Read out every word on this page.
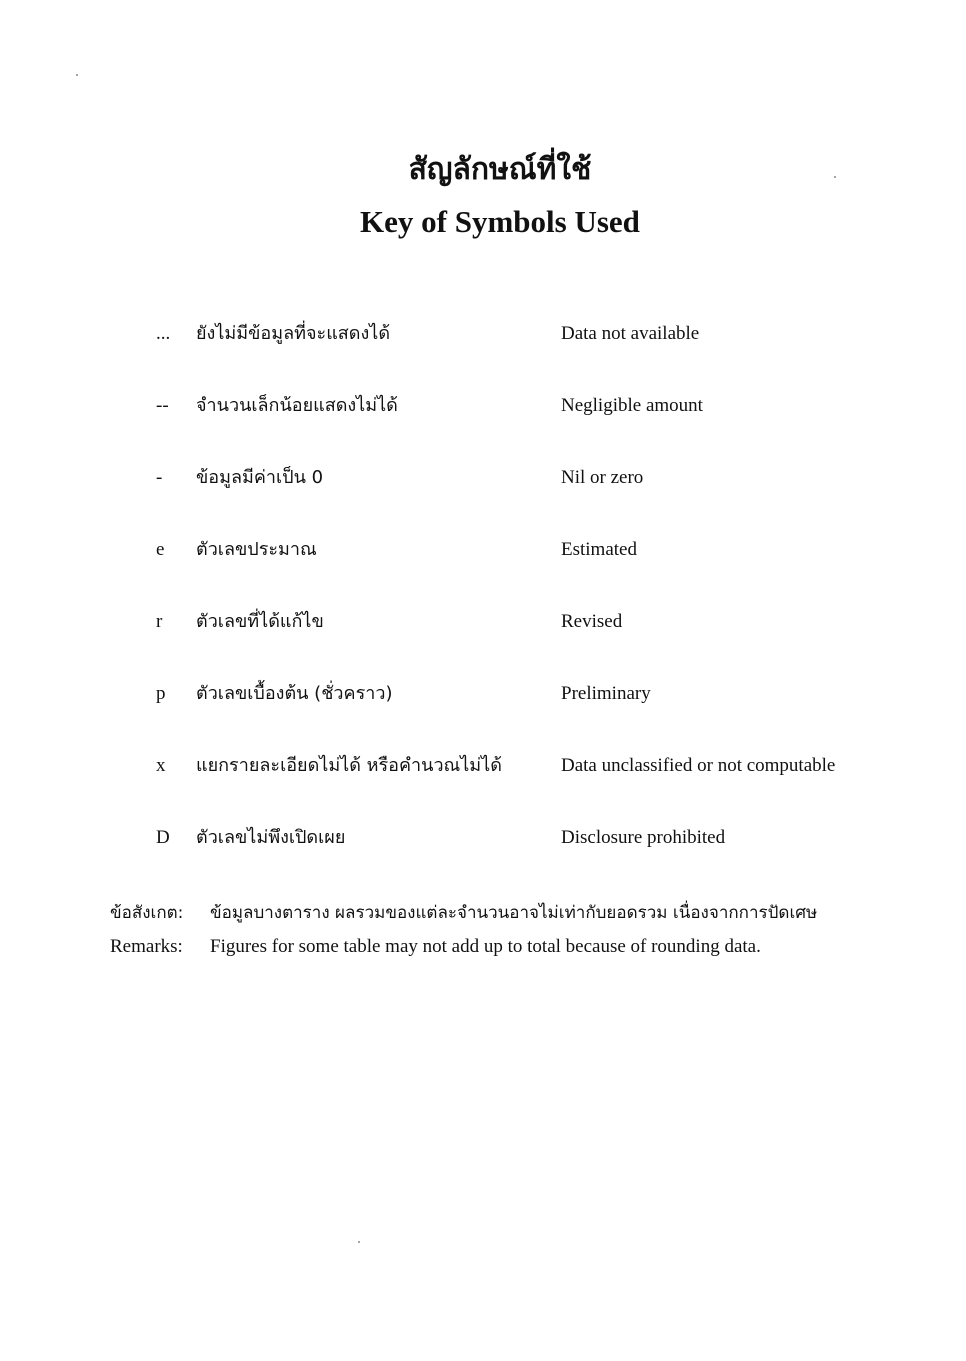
สัญลักษณ์ที่ใช้
Key of Symbols Used
...	ยังไม่มีข้อมูลที่จะแสดงได้	Data not available
--	จำนวนเล็กน้อยแสดงไม่ได้	Negligible amount
-	ข้อมูลมีค่าเป็น 0	Nil or zero
e	ตัวเลขประมาณ	Estimated
r	ตัวเลขที่ได้แก้ไข	Revised
p	ตัวเลขเบื้องต้น (ชั่วคราว)	Preliminary
x	แยกรายละเอียดไม่ได้ หรือคำนวณไม่ได้	Data unclassified or not computable
D	ตัวเลขไม่พึงเปิดเผย	Disclosure prohibited
ข้อสังเกต: ข้อมูลบางตาราง ผลรวมของแต่ละจำนวนอาจไม่เท่ากับยอดรวม เนื่องจากการปัดเศษ
Remarks: Figures for some table may not add up to total because of rounding data.
